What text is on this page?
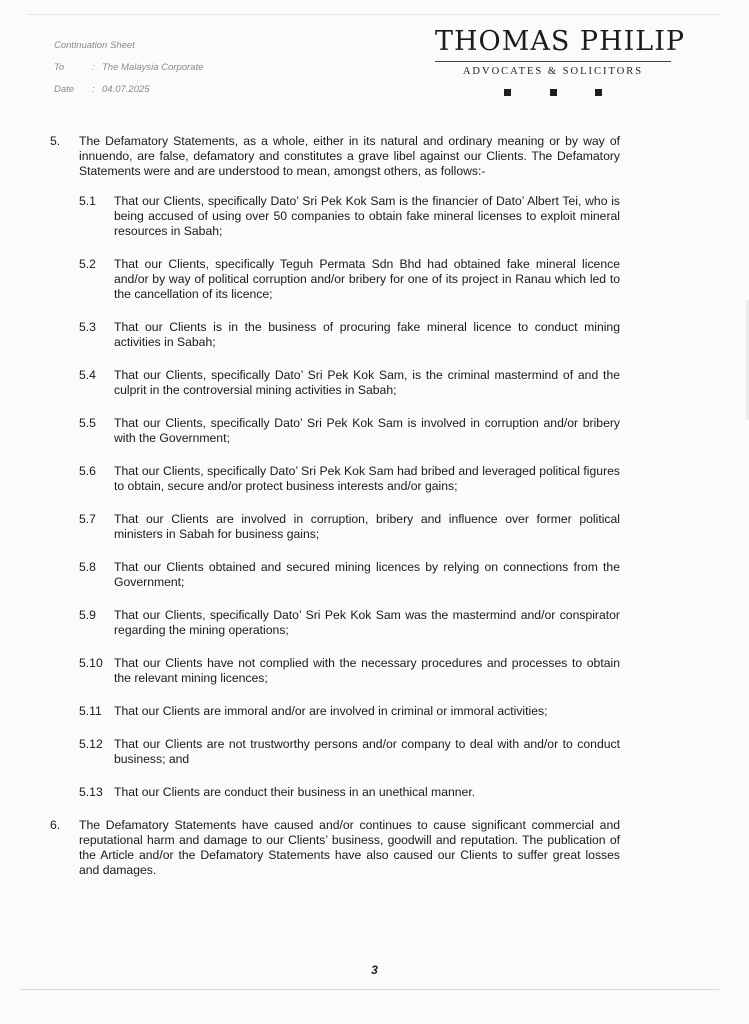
Continuation Sheet
To	: The Malaysia Corporate
Date	: 04.07.2025
THOMAS PHILIP
ADVOCATES & SOLICITORS
5.	The Defamatory Statements, as a whole, either in its natural and ordinary meaning or by way of innuendo, are false, defamatory and constitutes a grave libel against our Clients. The Defamatory Statements were and are understood to mean, amongst others, as follows:-
5.1	That our Clients, specifically Dato’ Sri Pek Kok Sam is the financier of Dato’ Albert Tei, who is being accused of using over 50 companies to obtain fake mineral licenses to exploit mineral resources in Sabah;
5.2	That our Clients, specifically Teguh Permata Sdn Bhd had obtained fake mineral licence and/or by way of political corruption and/or bribery for one of its project in Ranau which led to the cancellation of its licence;
5.3	That our Clients is in the business of procuring fake mineral licence to conduct mining activities in Sabah;
5.4	That our Clients, specifically Dato’ Sri Pek Kok Sam, is the criminal mastermind of and the culprit in the controversial mining activities in Sabah;
5.5	That our Clients, specifically Dato’ Sri Pek Kok Sam is involved in corruption and/or bribery with the Government;
5.6	That our Clients, specifically Dato’ Sri Pek Kok Sam had bribed and leveraged political figures to obtain, secure and/or protect business interests and/or gains;
5.7	That our Clients are involved in corruption, bribery and influence over former political ministers in Sabah for business gains;
5.8	That our Clients obtained and secured mining licences by relying on connections from the Government;
5.9	That our Clients, specifically Dato’ Sri Pek Kok Sam was the mastermind and/or conspirator regarding the mining operations;
5.10 That our Clients have not complied with the necessary procedures and processes to obtain the relevant mining licences;
5.11 That our Clients are immoral and/or are involved in criminal or immoral activities;
5.12 That our Clients are not trustworthy persons and/or company to deal with and/or to conduct business; and
5.13 That our Clients are conduct their business in an unethical manner.
6.	The Defamatory Statements have caused and/or continues to cause significant commercial and reputational harm and damage to our Clients’ business, goodwill and reputation. The publication of the Article and/or the Defamatory Statements have also caused our Clients to suffer great losses and damages.
3
